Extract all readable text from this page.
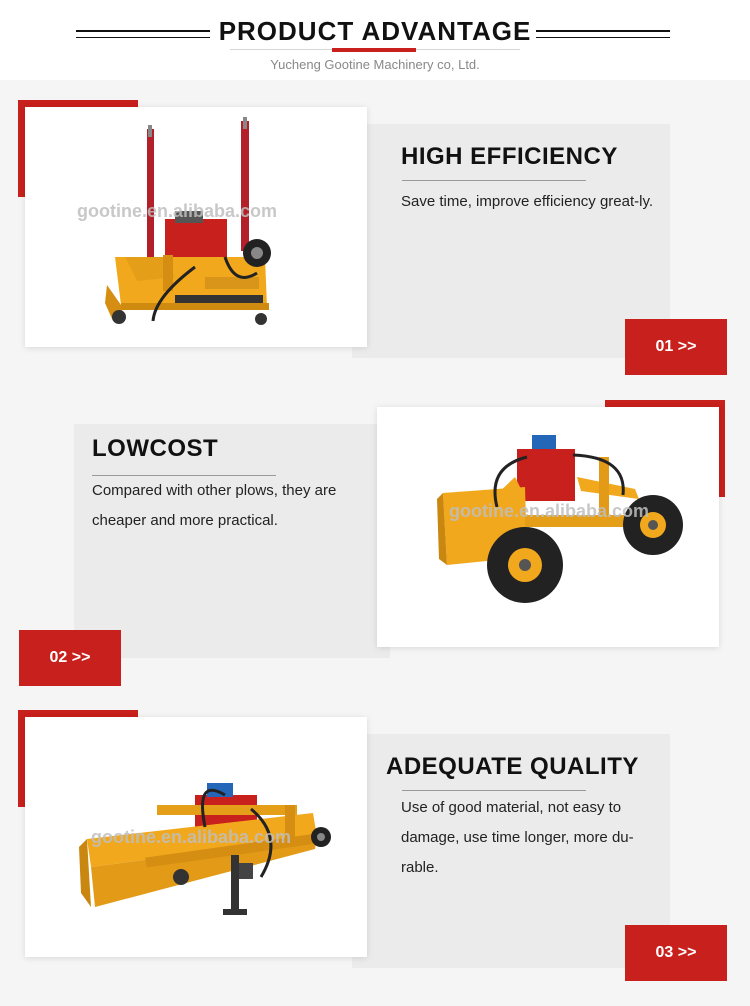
PRODUCT ADVANTAGE
Yucheng Gootine Machinery co, Ltd.
gootine.en.alibaba.com
HIGH EFFICIENCY
Save time, improve efficiency great-ly.
01 >>
gootine.en.alibaba.com
LOWCOST
Compared with other plows, they are cheaper and more practical.
02 >>
gootine.en.alibaba.com
ADEQUATE QUALITY
Use of good material, not easy to damage, use time longer, more du-rable.
03 >>
